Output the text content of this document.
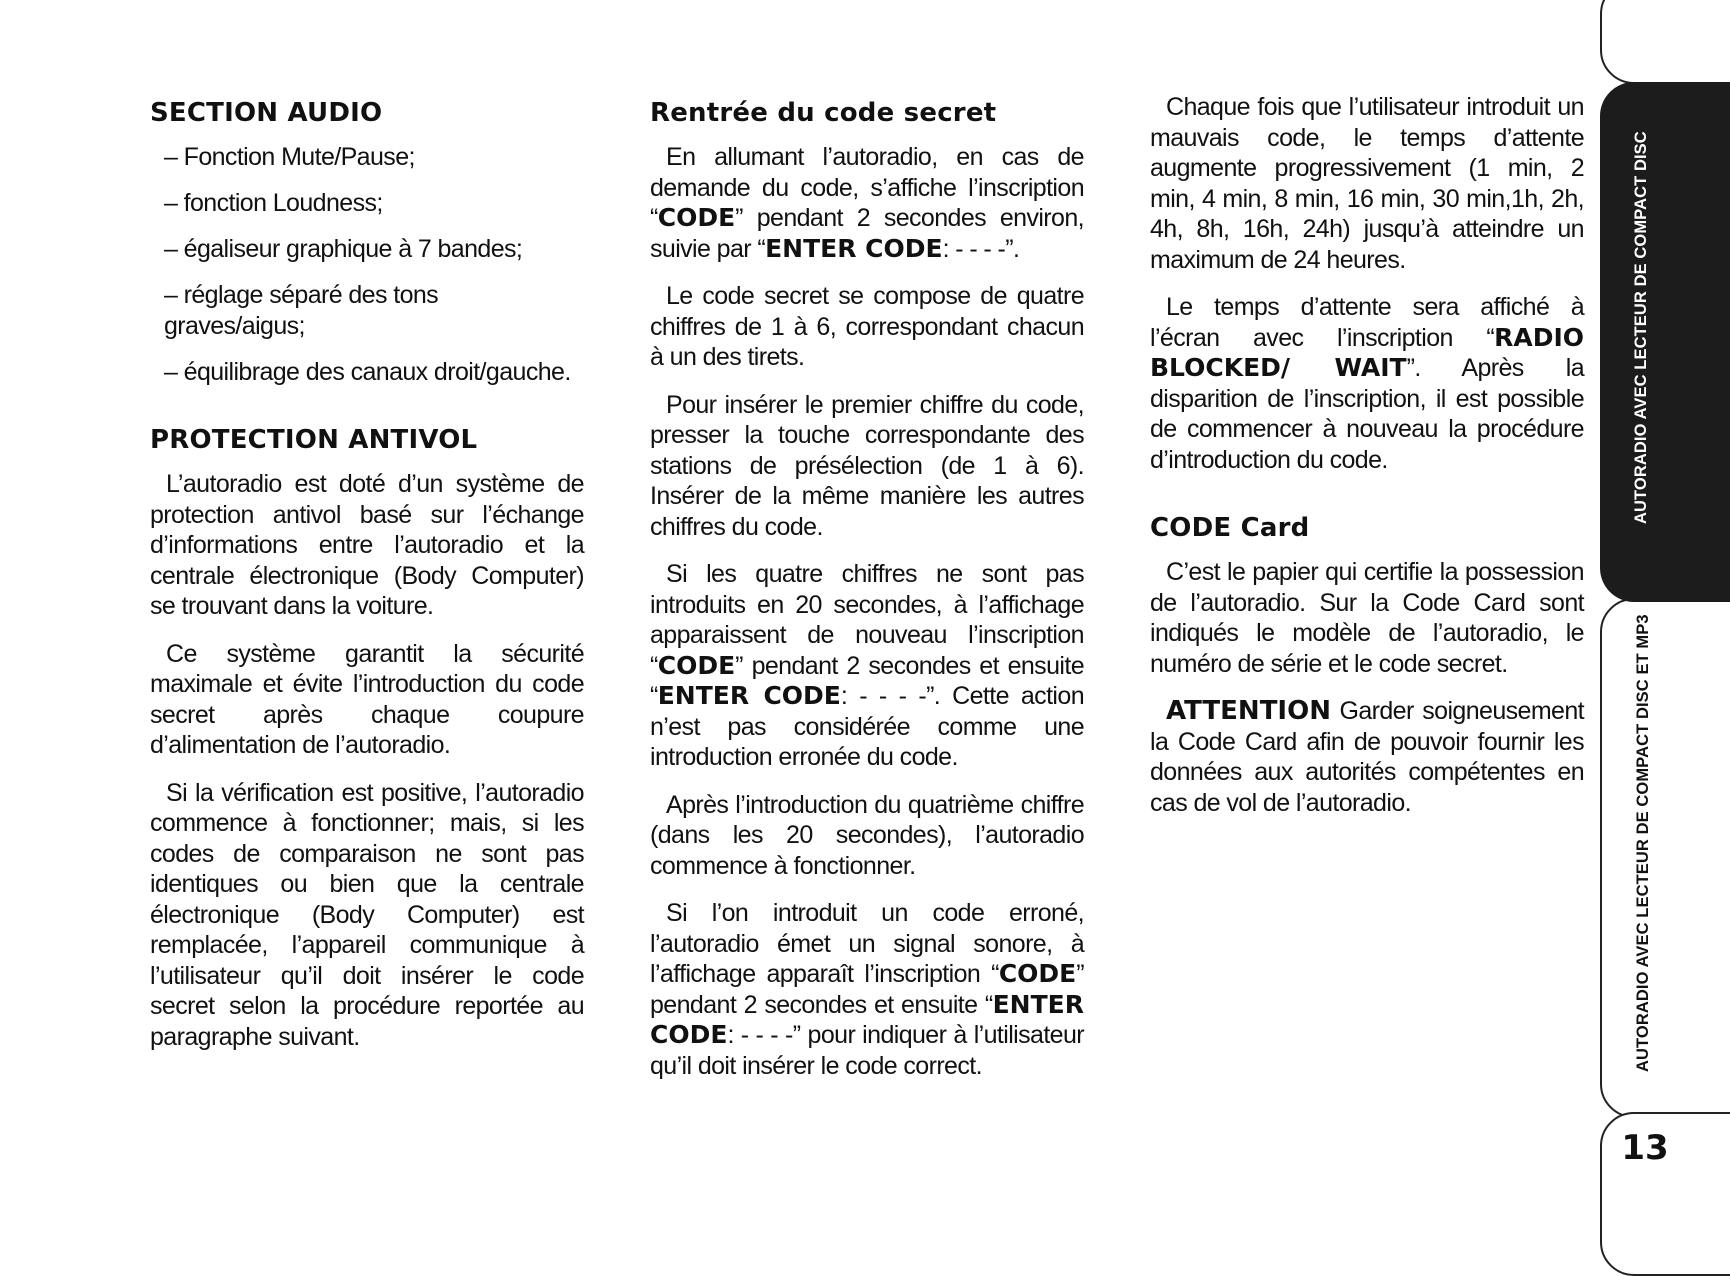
SECTION AUDIO

– Fonction Mute/Pause;

– fonction Loudness;

– égaliseur graphique à 7 bandes;

– réglage séparé des tons graves/aigus;

– équilibrage des canaux droit/gauche.

PROTECTION ANTIVOL

L’autoradio est doté d’un système de protection antivol basé sur l’échange d’informations entre l’autoradio et la centrale électronique (Body Computer) se trouvant dans la voiture.

Ce système garantit la sécurité maximale et évite l’introduction du code secret après chaque coupure d’alimentation de l’autoradio.

Si la vérification est positive, l’autoradio commence à fonctionner; mais, si les codes de comparaison ne sont pas identiques ou bien que la centrale électronique (Body Computer) est remplacée, l’appareil communique à l’utilisateur qu’il doit insérer le code secret selon la procédure reportée au paragraphe suivant.

Rentrée du code secret

En allumant l’autoradio, en cas de demande du code, s’affiche l’inscription “CODE” pendant 2 secondes environ, suivie par “ENTER CODE: - - - -”.

Le code secret se compose de quatre chiffres de 1 à 6, correspondant chacun à un des tirets.

Pour insérer le premier chiffre du code, presser la touche correspondante des stations de présélection (de 1 à 6). Insérer de la même manière les autres chiffres du code.

Si les quatre chiffres ne sont pas introduits en 20 secondes, à l’affichage apparaissent de nouveau l’inscription “CODE” pendant 2 secondes et ensuite “ENTER CODE: - - - -”. Cette action n’est pas considérée comme une introduction erronée du code.

Après l’introduction du quatrième chiffre (dans les 20 secondes), l’autoradio commence à fonctionner.

Si l’on introduit un code erroné, l’autoradio émet un signal sonore, à l’affichage apparaît l’inscription “CODE” pendant 2 secondes et ensuite “ENTER CODE: - - - -” pour indiquer à l’utilisateur qu’il doit insérer le code correct.

Chaque fois que l’utilisateur introduit un mauvais code, le temps d’attente augmente progressivement (1 min, 2 min, 4 min, 8 min, 16 min, 30 min,1h, 2h, 4h, 8h, 16h, 24h) jusqu’à atteindre un maximum de 24 heures.

Le temps d’attente sera affiché à l’écran avec l’inscription “RADIO BLOCKED/ WAIT”. Après la disparition de l’inscription, il est possible de commencer à nouveau la procédure d’introduction du code.

CODE Card

C’est le papier qui certifie la possession de l’autoradio. Sur la Code Card sont indiqués le modèle de l’autoradio, le numéro de série et le code secret.

ATTENTION Garder soigneusement la Code Card afin de pouvoir fournir les données aux autorités compétentes en cas de vol de l’autoradio.

AUTORADIO AVEC LECTEUR DE COMPACT DISC
AUTORADIO AVEC LECTEUR DE COMPACT DISC ET MP3
13
